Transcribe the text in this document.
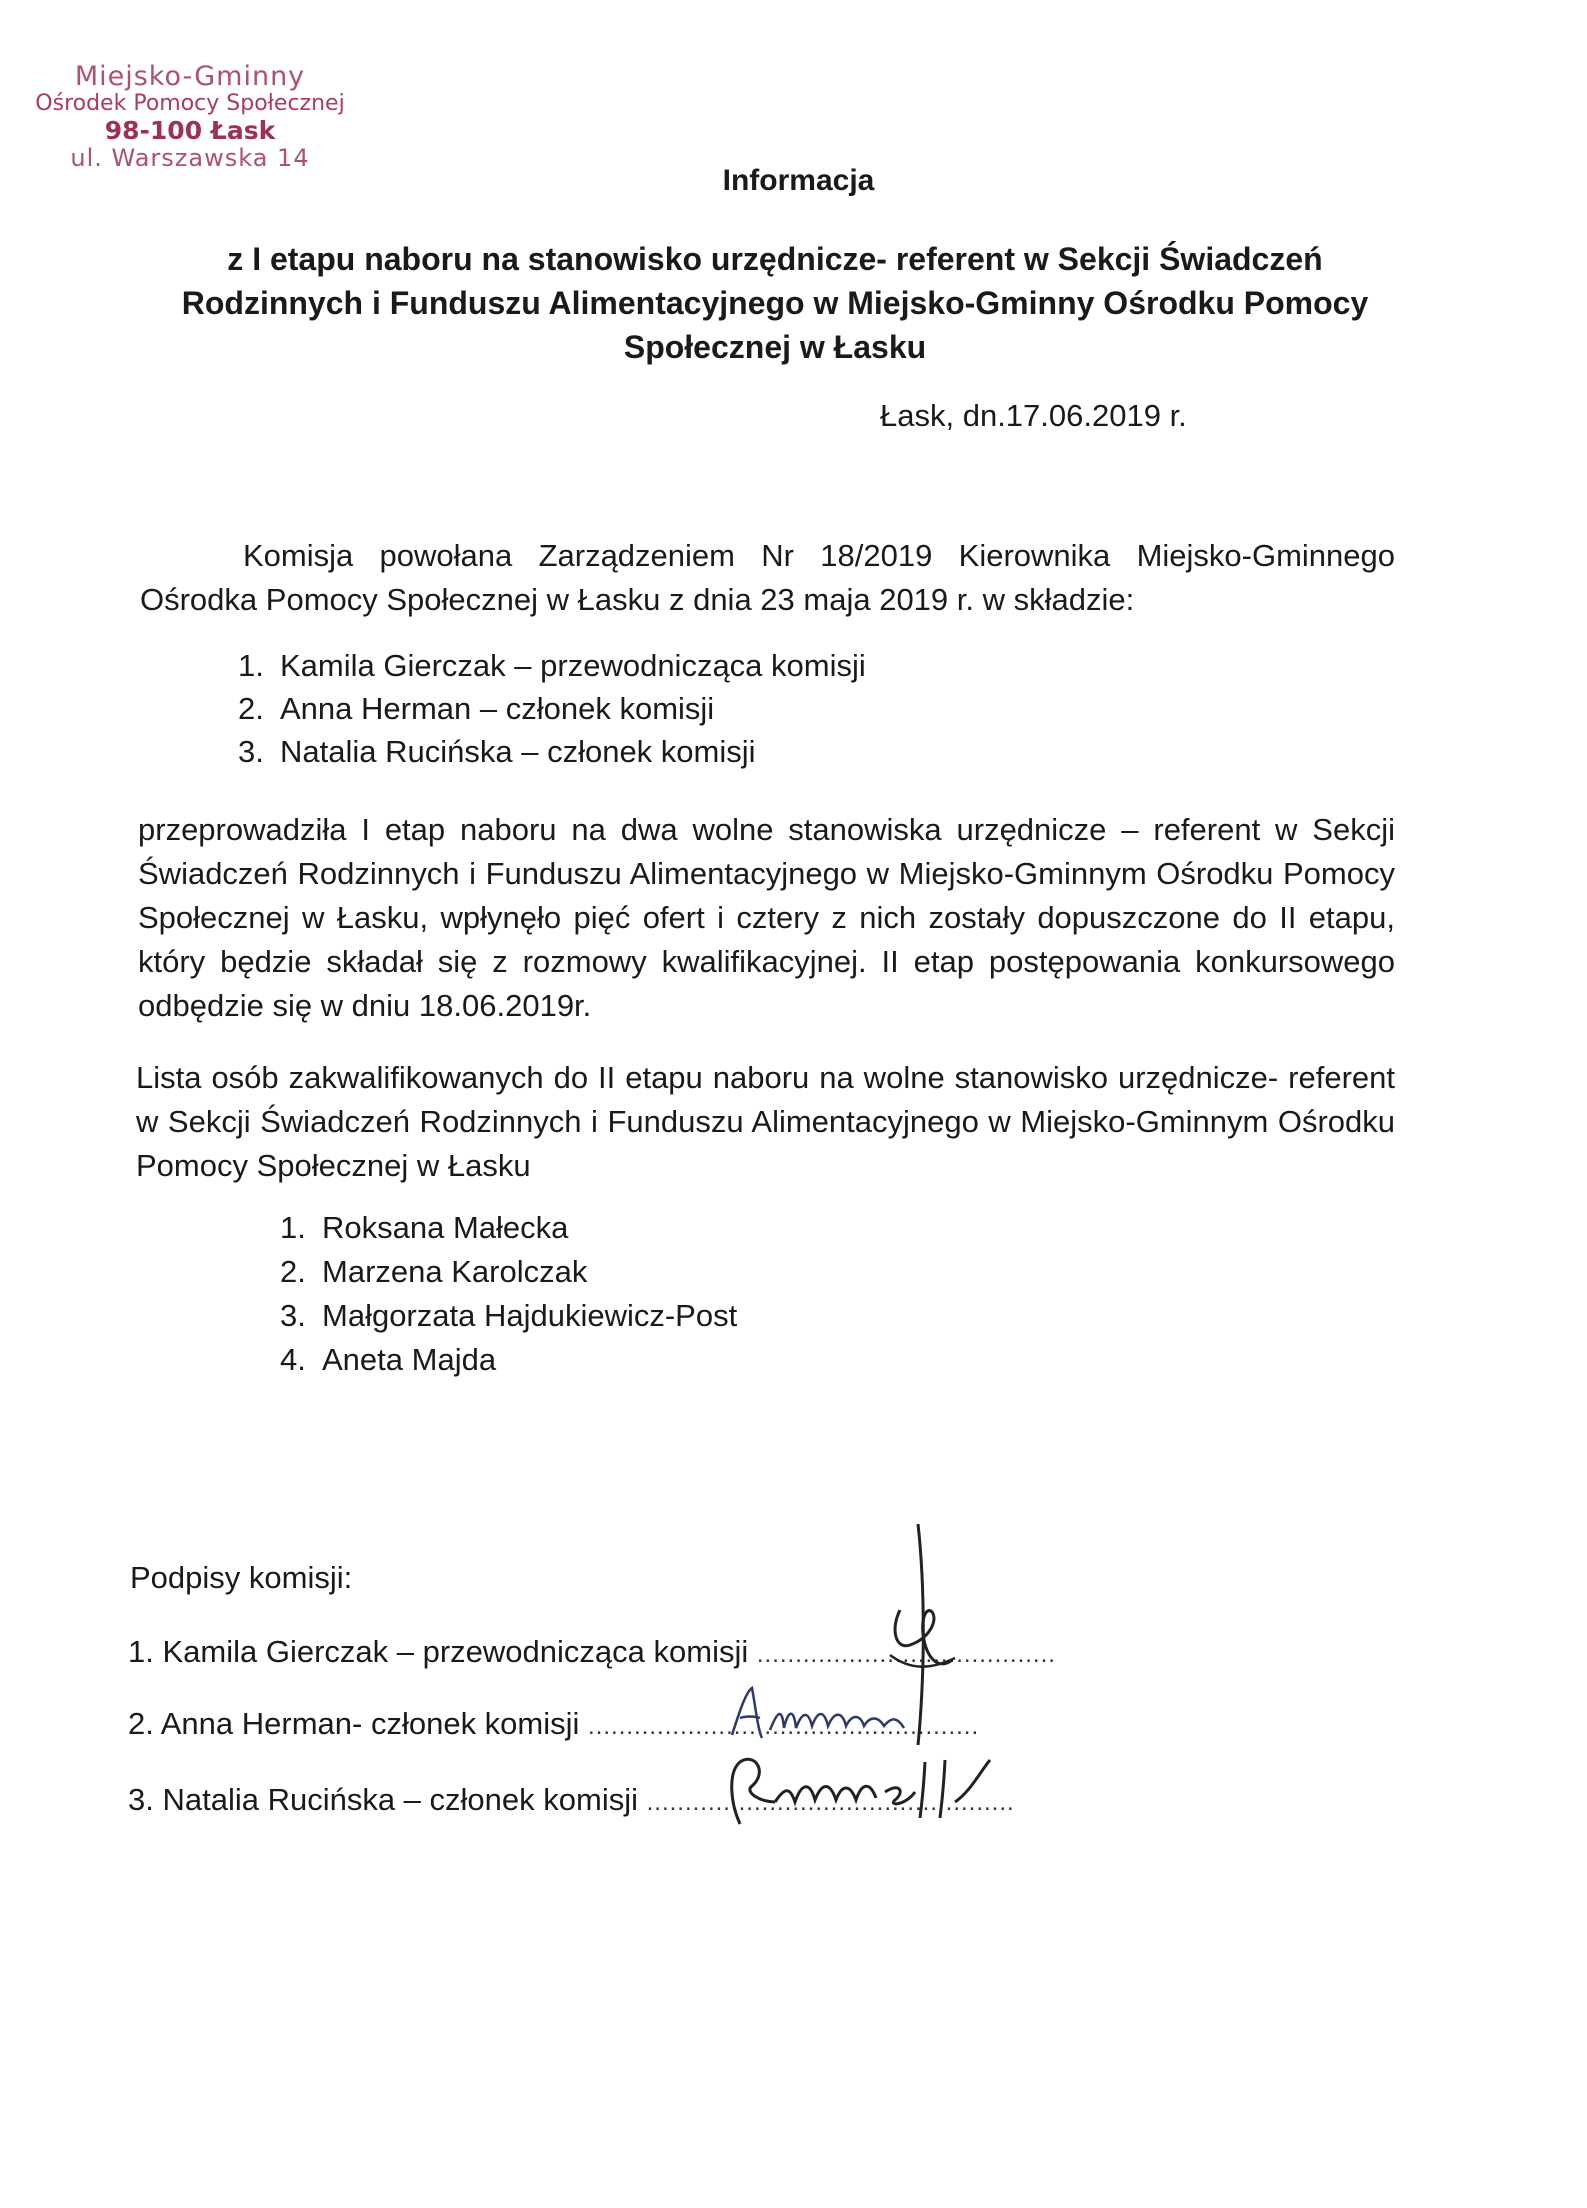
Miejsko-Gminny
Ośrodek Pomocy Społecznej
98-100 Łask
ul. Warszawska 14
Informacja
z I etapu naboru na stanowisko urzędnicze- referent w Sekcji Świadczeń Rodzinnych i Funduszu Alimentacyjnego w Miejsko-Gminny Ośrodku Pomocy Społecznej w Łasku
Łask, dn.17.06.2019 r.
Komisja powołana Zarządzeniem Nr 18/2019 Kierownika Miejsko-Gminnego Ośrodka Pomocy Społecznej w Łasku z dnia 23 maja 2019 r. w składzie:
1. Kamila Gierczak – przewodnicząca komisji
2. Anna Herman – członek komisji
3. Natalia Rucińska – członek komisji
przeprowadziła I etap naboru na dwa wolne stanowiska urzędnicze – referent w Sekcji Świadczeń Rodzinnych i Funduszu Alimentacyjnego w Miejsko-Gminnym Ośrodku Pomocy Społecznej w Łasku, wpłynęło pięć ofert i cztery z nich zostały dopuszczone do II etapu, który będzie składał się z rozmowy kwalifikacyjnej. II etap postępowania konkursowego odbędzie się w dniu 18.06.2019r.
Lista osób zakwalifikowanych do II etapu naboru na wolne stanowisko urzędnicze- referent w Sekcji Świadczeń Rodzinnych i Funduszu Alimentacyjnego w Miejsko-Gminnym Ośrodku Pomocy Społecznej w Łasku
1. Roksana Małecka
2. Marzena Karolczak
3. Małgorzata Hajdukiewicz-Post
4. Aneta Majda
Podpisy komisji:
1. Kamila Gierczak – przewodnicząca komisji .......................................
2. Anna Herman- członek komisji ...................................................
3. Natalia Rucińska – członek komisji ................................................
